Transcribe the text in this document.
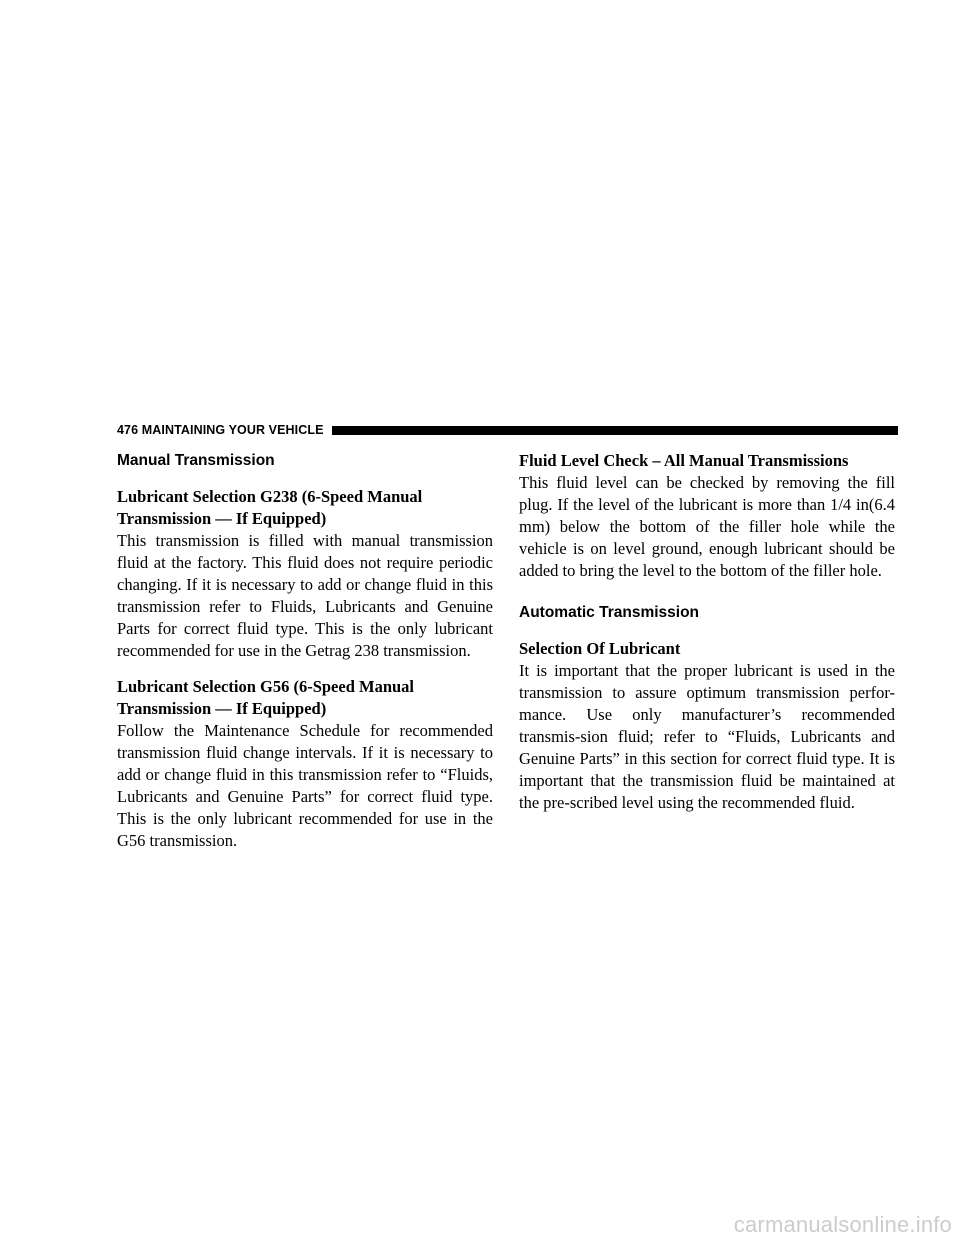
476 MAINTAINING YOUR VEHICLE
Manual Transmission
Lubricant Selection G238 (6-Speed Manual Transmission — If Equipped)

This transmission is filled with manual transmission fluid at the factory. This fluid does not require periodic changing. If it is necessary to add or change fluid in this transmission refer to Fluids, Lubricants and Genuine Parts for correct fluid type. This is the only lubricant recommended for use in the Getrag 238 transmission.

Lubricant Selection G56 (6-Speed Manual Transmission — If Equipped)

Follow the Maintenance Schedule for recommended transmission fluid change intervals. If it is necessary to add or change fluid in this transmission refer to “Fluids, Lubricants and Genuine Parts” for correct fluid type. This is the only lubricant recommended for use in the G56 transmission.

Fluid Level Check – All Manual Transmissions

This fluid level can be checked by removing the fill plug. If the level of the lubricant is more than 1/4 in(6.4 mm) below the bottom of the filler hole while the vehicle is on level ground, enough lubricant should be added to bring the level to the bottom of the filler hole.

Automatic Transmission
Selection Of Lubricant

It is important that the proper lubricant is used in the transmission to assure optimum transmission perfor-mance. Use only manufacturer’s recommended transmis-sion fluid; refer to “Fluids, Lubricants and Genuine Parts” in this section for correct fluid type. It is important that the transmission fluid be maintained at the pre-scribed level using the recommended fluid.

carmanualsonline.info
